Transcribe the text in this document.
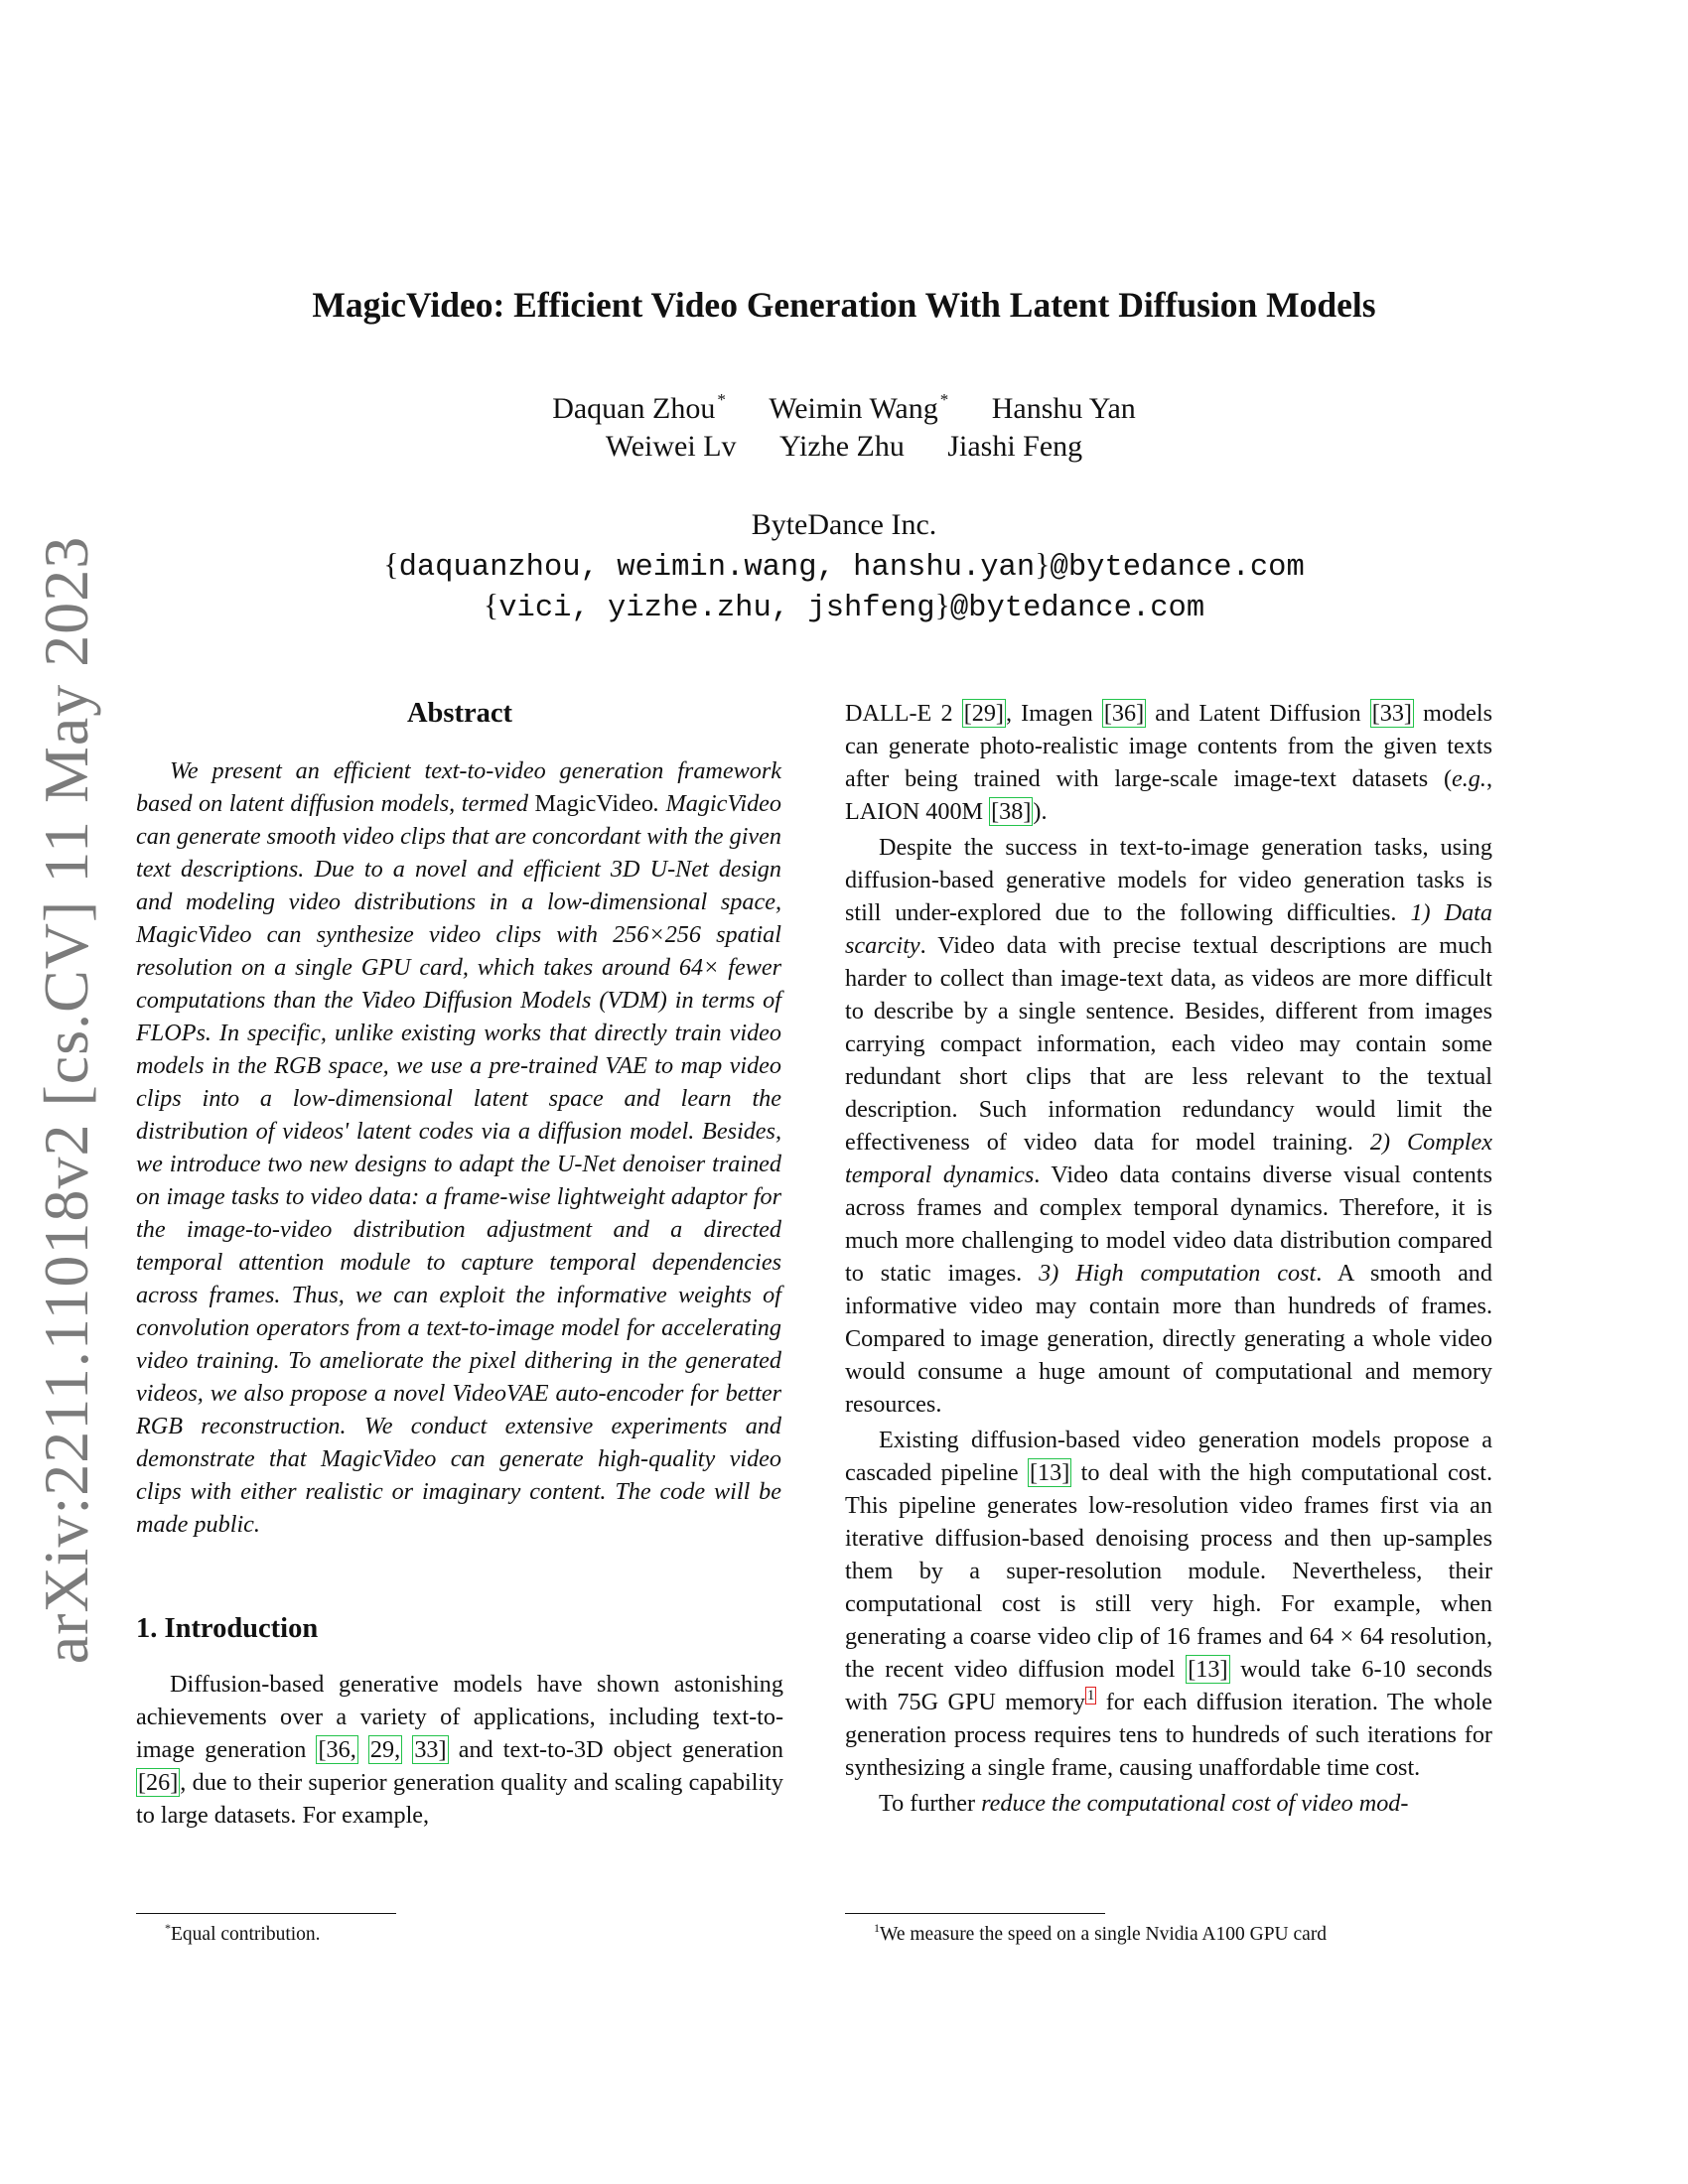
arXiv:2211.11018v2 [cs.CV] 11 May 2023
MagicVideo: Efficient Video Generation With Latent Diffusion Models
Daquan Zhou * Weimin Wang * Hanshu Yan
Weiwei Lv Yizhe Zhu Jiashi Feng
ByteDance Inc.
{daquanzhou, weimin.wang, hanshu.yan}@bytedance.com
{vici, yizhe.zhu, jshfeng}@bytedance.com
Abstract

We present an efficient text-to-video generation framework based on latent diffusion models, termed MagicVideo. MagicVideo can generate smooth video clips that are concordant with the given text descriptions. Due to a novel and efficient 3D U-Net design and modeling video distributions in a low-dimensional space, MagicVideo can synthesize video clips with 256×256 spatial resolution on a single GPU card, which takes around 64× fewer computations than the Video Diffusion Models (VDM) in terms of FLOPs. In specific, unlike existing works that directly train video models in the RGB space, we use a pre-trained VAE to map video clips into a low-dimensional latent space and learn the distribution of videos' latent codes via a diffusion model. Besides, we introduce two new designs to adapt the U-Net denoiser trained on image tasks to video data: a frame-wise lightweight adaptor for the image-to-video distribution adjustment and a directed temporal attention module to capture temporal dependencies across frames. Thus, we can exploit the informative weights of convolution operators from a text-to-image model for accelerating video training. To ameliorate the pixel dithering in the generated videos, we also propose a novel VideoVAE auto-encoder for better RGB reconstruction. We conduct extensive experiments and demonstrate that MagicVideo can generate high-quality video clips with either realistic or imaginary content. The code will be made public.

1. Introduction

Diffusion-based generative models have shown astonishing achievements over a variety of applications, including text-to-image generation [36, 29, 33] and text-to-3D object generation [26], due to their superior generation quality and scaling capability to large datasets. For example,

DALL-E 2 [29], Imagen [36] and Latent Diffusion [33] models can generate photo-realistic image contents from the given texts after being trained with large-scale image-text datasets (e.g., LAION 400M [38]).

Despite the success in text-to-image generation tasks, using diffusion-based generative models for video generation tasks is still under-explored due to the following difficulties. 1) Data scarcity. Video data with precise textual descriptions are much harder to collect than image-text data, as videos are more difficult to describe by a single sentence. Besides, different from images carrying compact information, each video may contain some redundant short clips that are less relevant to the textual description. Such information redundancy would limit the effectiveness of video data for model training. 2) Complex temporal dynamics. Video data contains diverse visual contents across frames and complex temporal dynamics. Therefore, it is much more challenging to model video data distribution compared to static images. 3) High computation cost. A smooth and informative video may contain more than hundreds of frames. Compared to image generation, directly generating a whole video would consume a huge amount of computational and memory resources.

Existing diffusion-based video generation models propose a cascaded pipeline [13] to deal with the high computational cost. This pipeline generates low-resolution video frames first via an iterative diffusion-based denoising process and then up-samples them by a super-resolution module. Nevertheless, their computational cost is still very high. For example, when generating a coarse video clip of 16 frames and 64 × 64 resolution, the recent video diffusion model [13] would take 6-10 seconds with 75G GPU memory $^1$ for each diffusion iteration. The whole generation process requires tens to hundreds of such iterations for synthesizing a single frame, causing unaffordable time cost.

To further reduce the computational cost of video mod-

*Equal contribution.	$^1$We measure the speed on a single Nvidia A100 GPU card
